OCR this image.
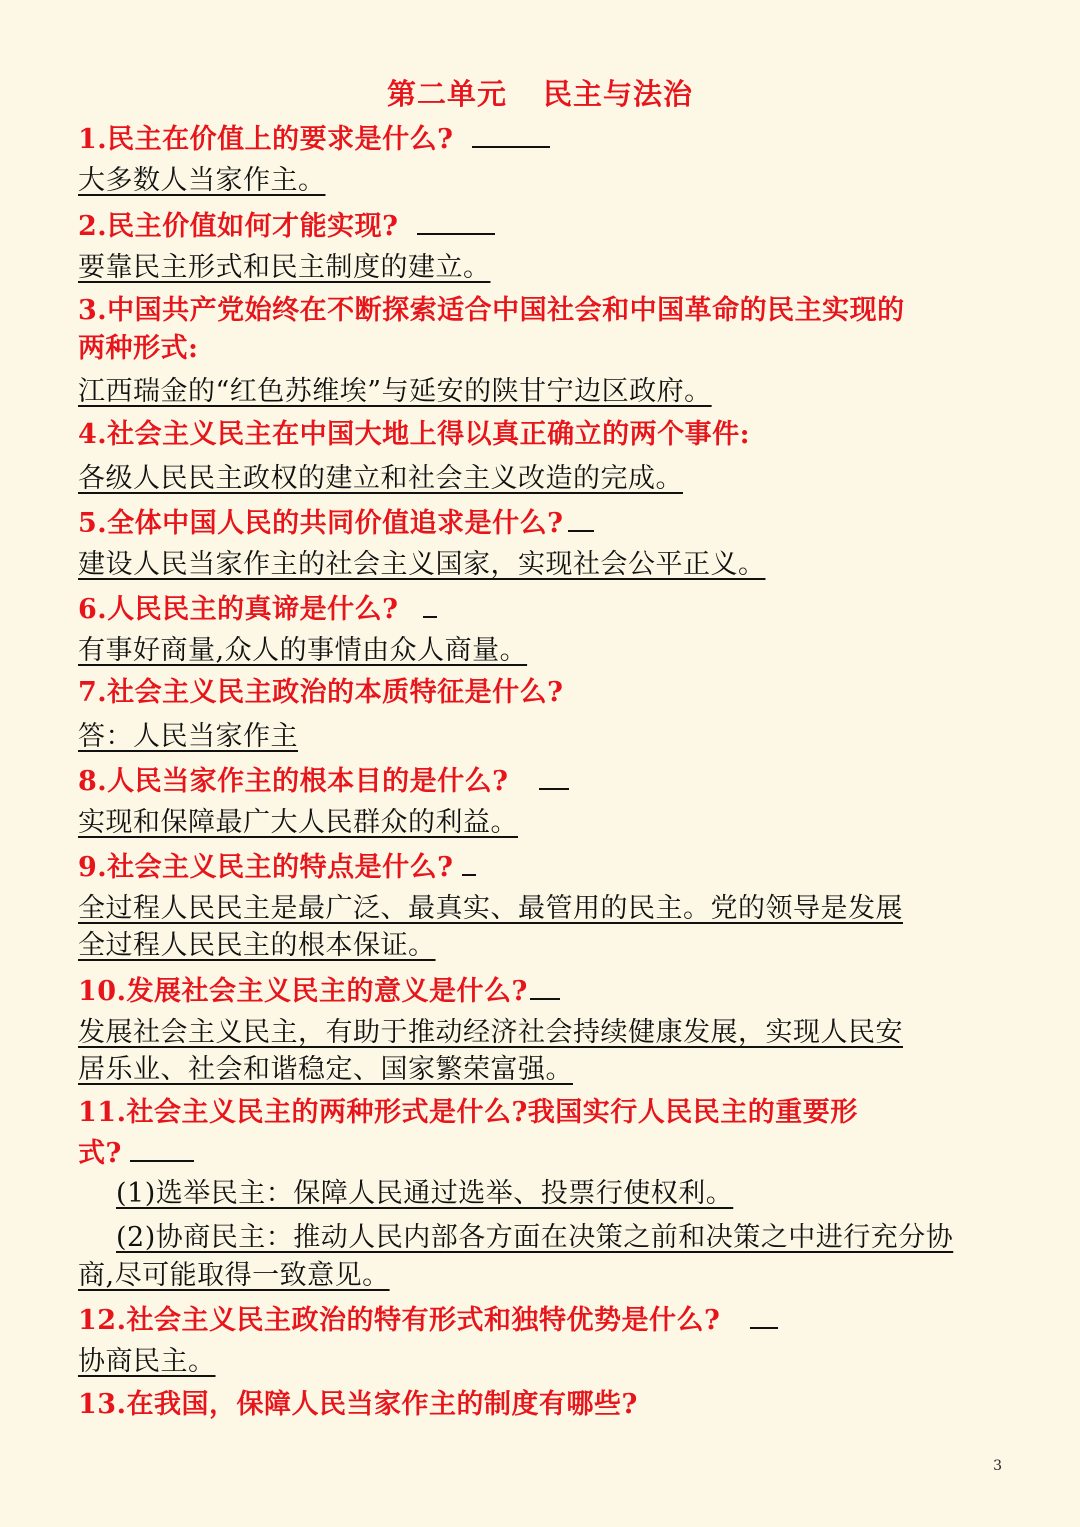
第二单元 民主与法治
1.民主在价值上的要求是什么?
大多数人当家作主。
2.民主价值如何才能实现?
要靠民主形式和民主制度的建立。
3.中国共产党始终在不断探索适合中国社会和中国革命的民主实现的
两种形式:
江西瑞金的“红色苏维埃”与延安的陕甘宁边区政府。
4.社会主义民主在中国大地上得以真正确立的两个事件:
各级人民民主政权的建立和社会主义改造的完成。
5.全体中国人民的共同价值追求是什么?
建设人民当家作主的社会主义国家，实现社会公平正义。
6.人民民主的真谛是什么?
有事好商量,众人的事情由众人商量。
7.社会主义民主政治的本质特征是什么?
答：人民当家作主
8.人民当家作主的根本目的是什么?
实现和保障最广大人民群众的利益。
9.社会主义民主的特点是什么?
全过程人民民主是最广泛、最真实、最管用的民主。党的领导是发展
全过程人民民主的根本保证。
10.发展社会主义民主的意义是什么?
发展社会主义民主，有助于推动经济社会持续健康发展，实现人民安
居乐业、社会和谐稳定、国家繁荣富强。
11.社会主义民主的两种形式是什么?我国实行人民民主的重要形
式?
(1)选举民主：保障人民通过选举、投票行使权利。
(2)协商民主：推动人民内部各方面在决策之前和决策之中进行充分协
商,尽可能取得一致意见。
12.社会主义民主政治的特有形式和独特优势是什么?
协商民主。
13.在我国，保障人民当家作主的制度有哪些?
3
